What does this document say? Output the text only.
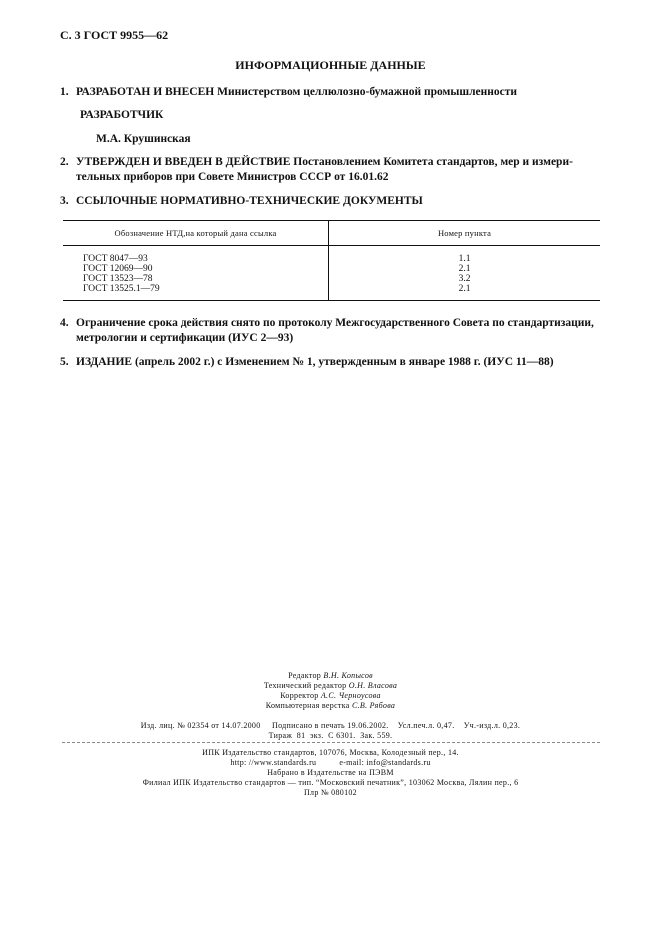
С. 3 ГОСТ 9955—62
ИНФОРМАЦИОННЫЕ ДАННЫЕ
1. РАЗРАБОТАН И ВНЕСЕН Министерством целлюлозно-бумажной промышленности
РАЗРАБОТЧИК
М.А. Крушинская
2. УТВЕРЖДЕН И ВВЕДЕН В ДЕЙСТВИЕ Постановлением Комитета стандартов, мер и измери-
тельных приборов при Совете Министров СССР от 16.01.62
3. ССЫЛОЧНЫЕ НОРМАТИВНО-ТЕХНИЧЕСКИЕ ДОКУМЕНТЫ
Обозначение НТД,на который дана ссылка	Номер пункта
ГОСТ 8047—93	1.1
ГОСТ 12069—90	2.1
ГОСТ 13523—78	3.2
ГОСТ 13525.1—79	2.1
4. Ограничение срока действия снято по протоколу Межгосударственного Совета по стандартизации,
метрологии и сертификации (ИУС 2—93)
5. ИЗДАНИЕ (апрель 2002 г.) с Изменением № 1, утвержденным в январе 1988 г. (ИУС 11—88)
Редактор В.Н. Копысов
Технический редактор О.Н. Власова
Корректор А.С. Черноусова
Компьютерная верстка С.В. Рябова
Изд. лиц. № 02354 от 14.07.2000     Подписано в печать 19.06.2002.    Усл.печ.л. 0,47.    Уч.-изд.л. 0,23.
Тираж  81  экз.  С 6301.  Зак. 559.
ИПК Издательство стандартов, 107076, Москва, Колодезный пер., 14.
http: //www.standards.ru          e-mail: info@standards.ru
Набрано в Издательстве на ПЭВМ
Филиал ИПК Издательство стандартов — тип. “Московский печатник”, 103062 Москва, Лялин пер., 6
Плр № 080102
